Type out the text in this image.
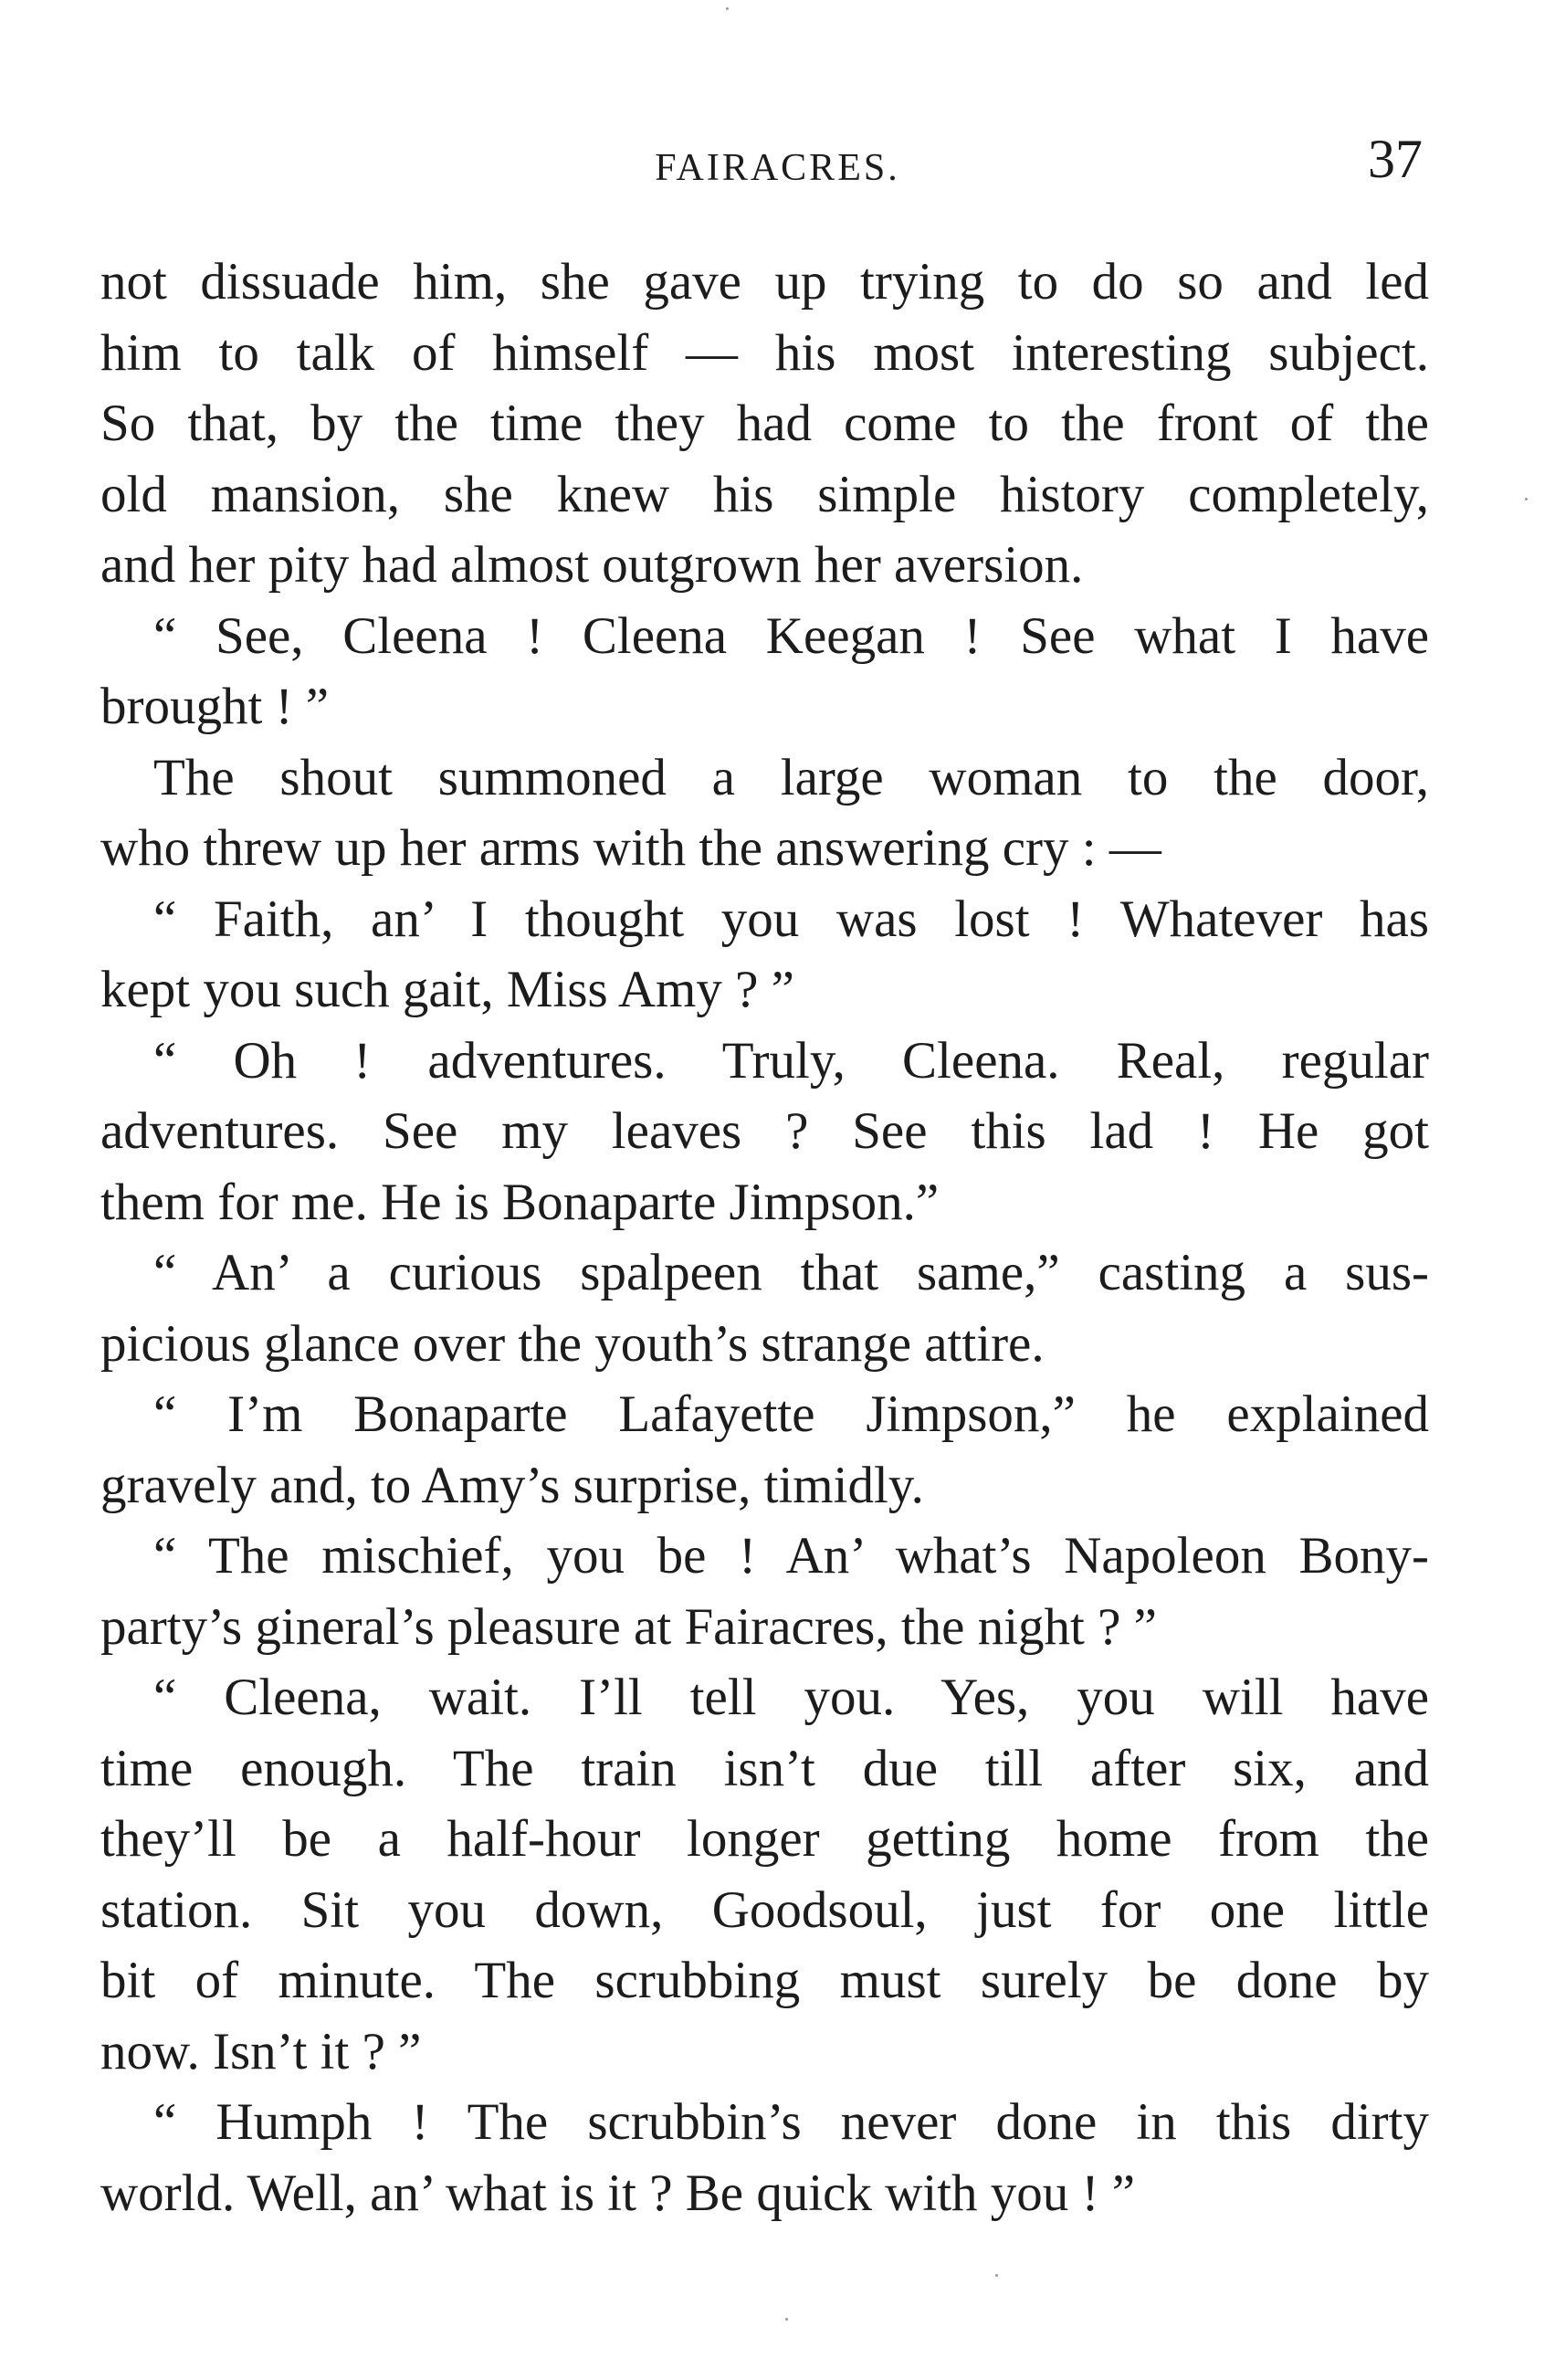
FAIRACRES.	37
not dissuade him, she gave up trying to do so and led
him to talk of himself — his most interesting subject.
So that, by the time they had come to the front of the
old mansion, she knew his simple history completely,
and her pity had almost outgrown her aversion.
“ See, Cleena ! Cleena Keegan ! See what I have
brought ! ”
The shout summoned a large woman to the door,
who threw up her arms with the answering cry : —
“ Faith, an’ I thought you was lost ! Whatever has
kept you such gait, Miss Amy ? ”
“ Oh ! adventures. Truly, Cleena. Real, regular
adventures. See my leaves ? See this lad ! He got
them for me. He is Bonaparte Jimpson.”
“ An’ a curious spalpeen that same,” casting a sus-
picious glance over the youth’s strange attire.
“ I’m Bonaparte Lafayette Jimpson,” he explained
gravely and, to Amy’s surprise, timidly.
“ The mischief, you be ! An’ what’s Napoleon Bony-
party’s gineral’s pleasure at Fairacres, the night ? ”
“ Cleena, wait. I’ll tell you. Yes, you will have
time enough. The train isn’t due till after six, and
they’ll be a half-hour longer getting home from the
station. Sit you down, Goodsoul, just for one little
bit of minute. The scrubbing must surely be done by
now. Isn’t it ? ”
“ Humph ! The scrubbin’s never done in this dirty
world. Well, an’ what is it ? Be quick with you ! ”
